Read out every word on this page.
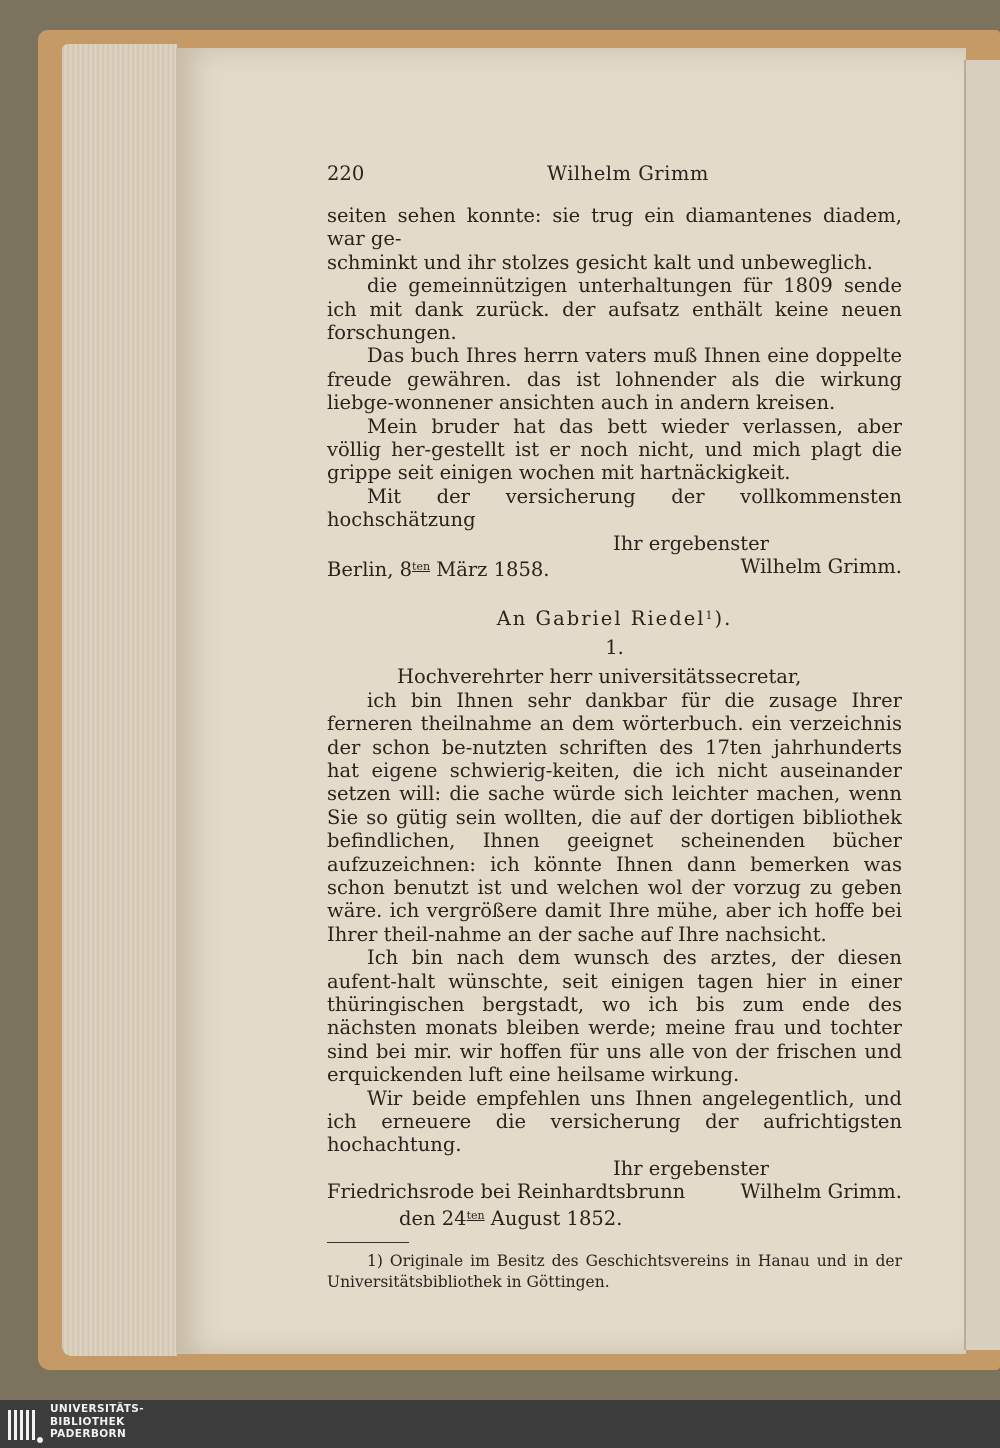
220	Wilhelm Grimm

seiten sehen konnte: sie trug ein diamantenes diadem, war ge-

schminkt und ihr stolzes gesicht kalt und unbeweglich.

die gemeinnützigen unterhaltungen für 1809 sende ich mit dank zurück. der aufsatz enthält keine neuen forschungen.

Das buch Ihres herrn vaters muß Ihnen eine doppelte freude gewähren. das ist lohnender als die wirkung liebge-wonnener ansichten auch in andern kreisen.

Mein bruder hat das bett wieder verlassen, aber völlig her-gestellt ist er noch nicht, und mich plagt die grippe seit einigen wochen mit hartnäckigkeit.

Mit der versicherung der vollkommensten hochschätzung

Ihr ergebenster

Berlin, $8^{ten}$ März 1858.	Wilhelm Grimm.
An Gabriel Riedel$^1$).
1.
Hochverehrter herr universitätssecretar,

ich bin Ihnen sehr dankbar für die zusage Ihrer ferneren theilnahme an dem wörterbuch. ein verzeichnis der schon be-nutzten schriften des 17ten jahrhunderts hat eigene schwierig-keiten, die ich nicht auseinander setzen will: die sache würde sich leichter machen, wenn Sie so gütig sein wollten, die auf der dortigen bibliothek befindlichen, Ihnen geeignet scheinenden bücher aufzuzeichnen: ich könnte Ihnen dann bemerken was schon benutzt ist und welchen wol der vorzug zu geben wäre. ich vergrößere damit Ihre mühe, aber ich hoffe bei Ihrer theil-nahme an der sache auf Ihre nachsicht.

Ich bin nach dem wunsch des arztes, der diesen aufent-halt wünschte, seit einigen tagen hier in einer thüringischen bergstadt, wo ich bis zum ende des nächsten monats bleiben werde; meine frau und tochter sind bei mir. wir hoffen für uns alle von der frischen und erquickenden luft eine heilsame wirkung.

Wir beide empfehlen uns Ihnen angelegentlich, und ich erneuere die versicherung der aufrichtigsten hochachtung.

Ihr ergebenster

Friedrichsrode bei Reinhardtsbrunn	Wilhelm Grimm.
den $24^{ten}$ August 1852.

1) Originale im Besitz des Geschichtsvereins in Hanau und in der Universitätsbibliothek in Göttingen.

UNIVERSITÄTS-
BIBLIOTHEK
PADERBORN
